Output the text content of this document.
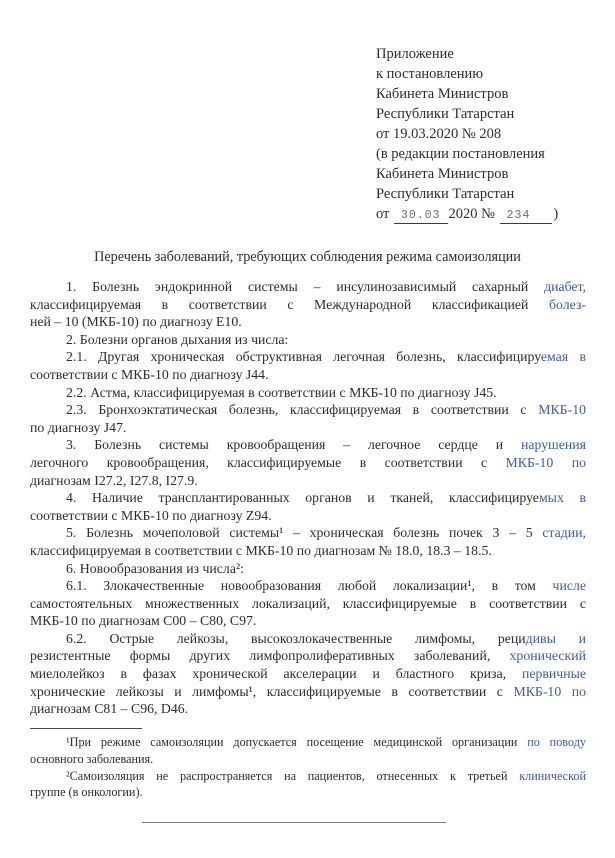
Приложение
к постановлению
Кабинета Министров
Республики Татарстан
от 19.03.2020 № 208
(в редакции постановления
Кабинета Министров
Республики Татарстан
от 30.03 2020 № 234 )
Перечень заболеваний, требующих соблюдения режима самоизоляции
1. Болезнь эндокринной системы – инсулинозависимый сахарный диабет,
классифицируемая в соответствии с Международной классификацией болез-
ней – 10 (МКБ-10) по диагнозу Е10.
2. Болезни органов дыхания из числа:
2.1. Другая хроническая обструктивная легочная болезнь, классифицируемая в
соответствии с МКБ-10 по диагнозу J44.
2.2. Астма, классифицируемая в соответствии с МКБ-10 по диагнозу J45.
2.3. Бронхоэктатическая болезнь, классифицируемая в соответствии с МКБ-10
по диагнозу J47.
3. Болезнь системы кровообращения – легочное сердце и нарушения
легочного кровообращения, классифицируемые в соответствии с МКБ-10 по
диагнозам I27.2, I27.8, I27.9.
4. Наличие трансплантированных органов и тканей, классифицируемых в
соответствии с МКБ-10 по диагнозу Z94.
5. Болезнь мочеполовой системы¹ – хроническая болезнь почек 3 – 5 стадии,
классифицируемая в соответствии с МКБ-10 по диагнозам № 18.0, 18.3 – 18.5.
6. Новообразования из числа²:
6.1. Злокачественные новообразования любой локализации¹, в том числе
самостоятельных множественных локализаций, классифицируемые в соответствии с
МКБ-10 по диагнозам С00 – С80, С97.
6.2. Острые лейкозы, высокозлокачественные лимфомы, рецидивы и
резистентные формы других лимфопролиферативных заболеваний, хронический
миелолейкоз в фазах хронической акселерации и бластного криза, первичные
хронические лейкозы и лимфомы¹, классифицируемые в соответствии с МКБ-10 по
диагнозам С81 – С96, D46.
¹При режиме самоизоляции допускается посещение медицинской организации по поводу
основного заболевания.
²Самоизоляция не распространяется на пациентов, отнесенных к третьей клинической
группе (в онкологии).
